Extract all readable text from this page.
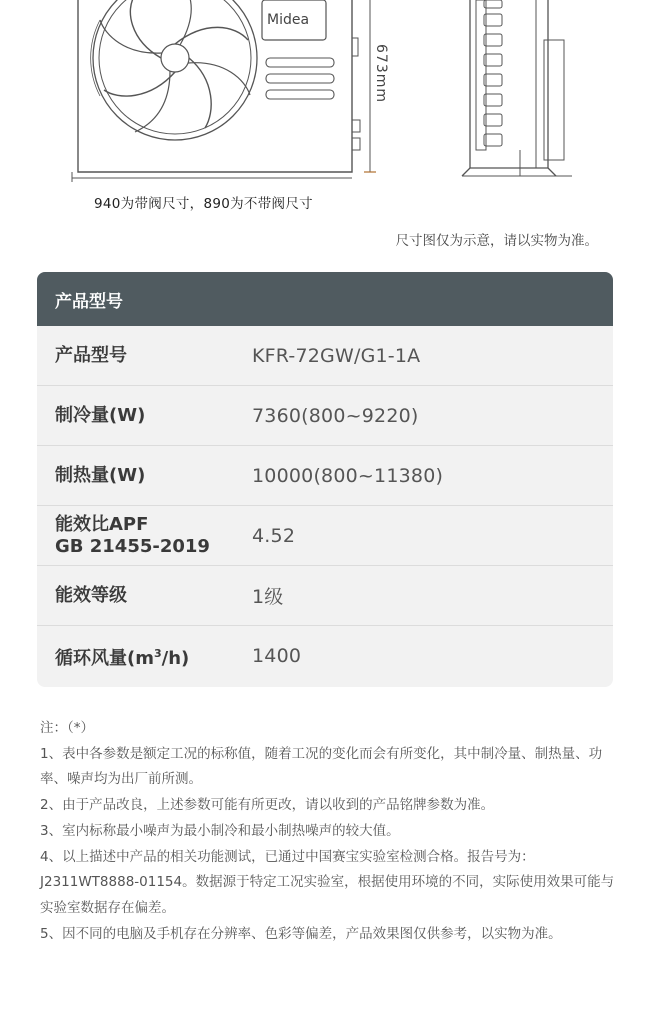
Midea
673mm
940为带阀尺寸，890为不带阀尺寸
尺寸图仅为示意，请以实物为准。
产品型号
产品型号	KFR-72GW/G1-1A
制冷量(W)	7360(800~9220)
制热量(W)	10000(800~11380)
能效比APF
GB 21455-2019	4.52
能效等级	1级
循环风量$(m^3/h)$	1400

注：（*）

1、表中各参数是额定工况的标称值，随着工况的变化而会有所变化，其中制冷量、制热量、功率、噪声均为出厂前所测。

2、由于产品改良，上述参数可能有所更改，请以收到的产品铭牌参数为准。

3、室内标称最小噪声为最小制冷和最小制热噪声的较大值。

4、以上描述中产品的相关功能测试，已通过中国赛宝实验室检测合格。报告号为：J2311WT8888-01154。数据源于特定工况实验室，根据使用环境的不同，实际使用效果可能与实验室数据存在偏差。

5、因不同的电脑及手机存在分辨率、色彩等偏差，产品效果图仅供参考，以实物为准。
